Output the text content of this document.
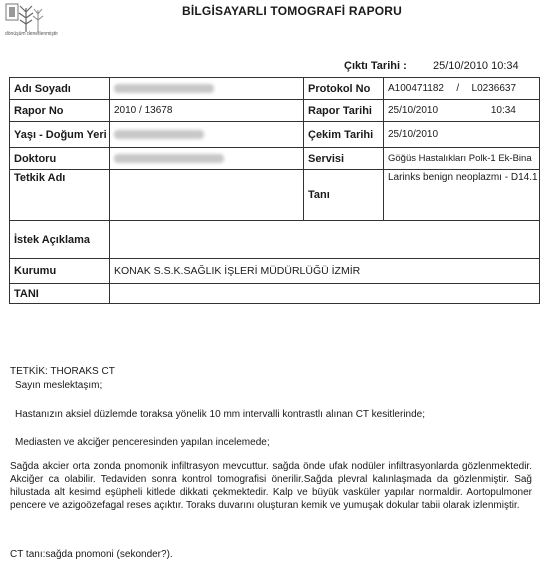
dönüşüm denetlenmiştir
BİLGİSAYARLI TOMOGRAFİ RAPORU
Çıktı Tarihi : 25/10/2010 10:34
Adı Soyadı		Protokol No	A100471182 / L0236637
Rapor No	2010 / 13678	Rapor Tarihi	25/10/2010 10:34
Yaşı - Doğum Yeri		Çekim Tarihi	25/10/2010
Doktoru		Servisi	Göğüs Hastalıkları Polk-1 Ek-Bina
Tetkik Adı		Tanı	Larinks benign neoplazmı - D14.1
İstek Açıklama			
Kurumu	KONAK S.S.K.SAĞLIK İŞLERİ MÜDÜRLÜĞÜ İZMİR		
TANI			
TETKİK: THORAKS CT
Sayın meslektaşım;
Hastanızın aksiel düzlemde toraksa yönelik 10 mm intervalli kontrastlı alınan CT kesitlerinde;
Mediasten ve akciğer penceresinden yapılan incelemede;
Sağda akcier orta zonda pnomonik infiltrasyon mevcuttur. sağda önde ufak nodüler infiltrasyonlarda gözlenmektedir. Akciğer ca olabilir. Tedaviden sonra kontrol tomografisi önerilir.Sağda plevral kalınlaşmada da gözlenmiştir. Sağ hilustada alt kesimd eşüpheli kitlede dikkati çekmektedir. Kalp ve büyük vasküler yapılar normaldir. Aortopulmoner pencere ve azigoözefagal reses açıktır. Toraks duvarını oluşturan kemik ve yumuşak dokular tabii olarak izlenmiştir.
CT tanı:sağda pnomoni (sekonder?).
